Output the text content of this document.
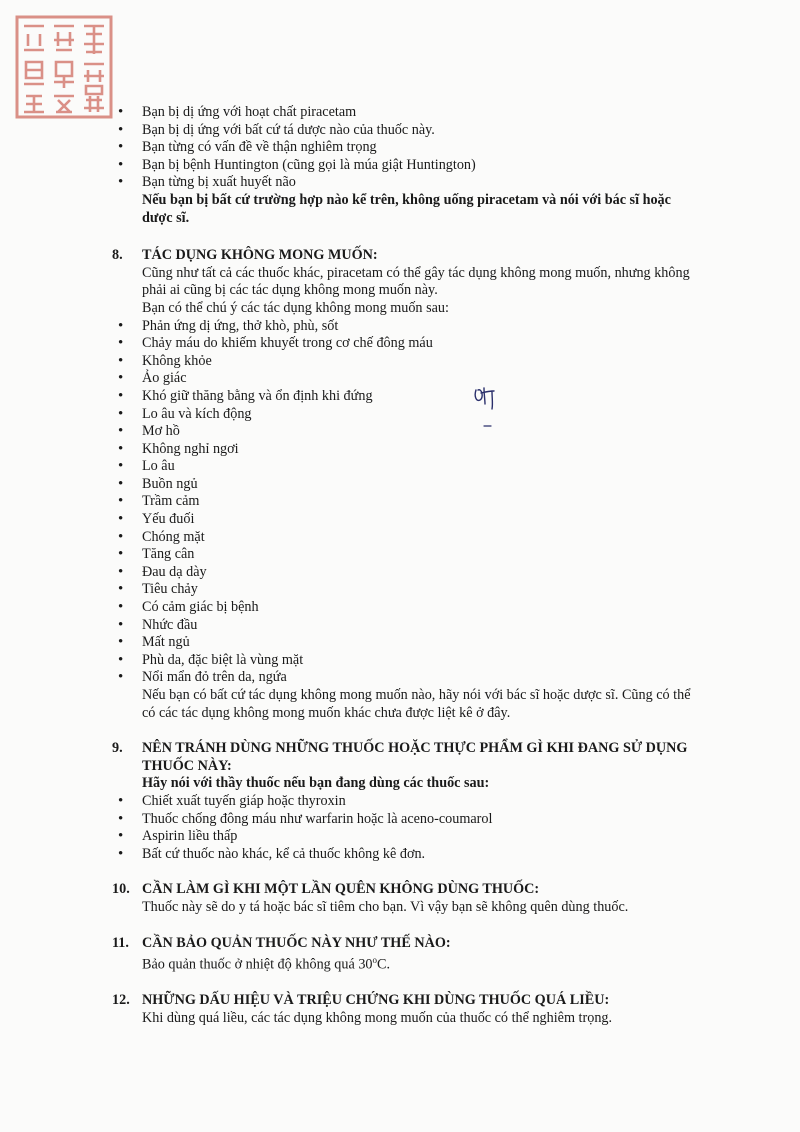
• Bạn bị dị ứng với hoạt chất piracetam
• Bạn bị dị ứng với bất cứ tá dược nào của thuốc này.
• Bạn từng có vấn đề về thận nghiêm trọng
• Bạn bị bệnh Huntington (cũng gọi là múa giật Huntington)
• Bạn từng bị xuất huyết não
Nếu bạn bị bất cứ trường hợp nào kể trên, không uống piracetam và nói với bác sĩ hoặc dược sĩ.
8.	TÁC DỤNG KHÔNG MONG MUỐN:
Cũng như tất cả các thuốc khác, piracetam có thể gây tác dụng không mong muốn, nhưng không phải ai cũng bị các tác dụng không mong muốn này.
Bạn có thể chú ý các tác dụng không mong muốn sau:
• Phản ứng dị ứng, thở khò, phù, sốt
• Chảy máu do khiếm khuyết trong cơ chế đông máu
• Không khỏe
• Ảo giác
• Khó giữ thăng bằng và ổn định khi đứng
• Lo âu và kích động
• Mơ hồ
• Không nghỉ ngơi
• Lo âu
• Buồn ngủ
• Trầm cảm
• Yếu đuối
• Chóng mặt
• Tăng cân
• Đau dạ dày
• Tiêu chảy
• Có cảm giác bị bệnh
• Nhức đầu
• Mất ngủ
• Phù da, đặc biệt là vùng mặt
• Nổi mẩn đỏ trên da, ngứa
Nếu bạn có bất cứ tác dụng không mong muốn nào, hãy nói với bác sĩ hoặc dược sĩ. Cũng có thể có các tác dụng không mong muốn khác chưa được liệt kê ở đây.
9.	NÊN TRÁNH DÙNG NHỮNG THUỐC HOẶC THỰC PHẨM GÌ KHI ĐANG SỬ DỤNG THUỐC NÀY:
Hãy nói với thầy thuốc nếu bạn đang dùng các thuốc sau:
• Chiết xuất tuyến giáp hoặc thyroxin
• Thuốc chống đông máu như warfarin hoặc là aceno-coumarol
• Aspirin liều thấp
• Bất cứ thuốc nào khác, kể cả thuốc không kê đơn.
10. CẦN LÀM GÌ KHI MỘT LẦN QUÊN KHÔNG DÙNG THUỐC:
Thuốc này sẽ do y tá hoặc bác sĩ tiêm cho bạn. Vì vậy bạn sẽ không quên dùng thuốc.
11. CẦN BẢO QUẢN THUỐC NÀY NHƯ THẾ NÀO:
Bảo quản thuốc ở nhiệt độ không quá 30$^o$C.
12. NHỮNG DẤU HIỆU VÀ TRIỆU CHỨNG KHI DÙNG THUỐC QUÁ LIỀU:
Khi dùng quá liều, các tác dụng không mong muốn của thuốc có thể nghiêm trọng.
